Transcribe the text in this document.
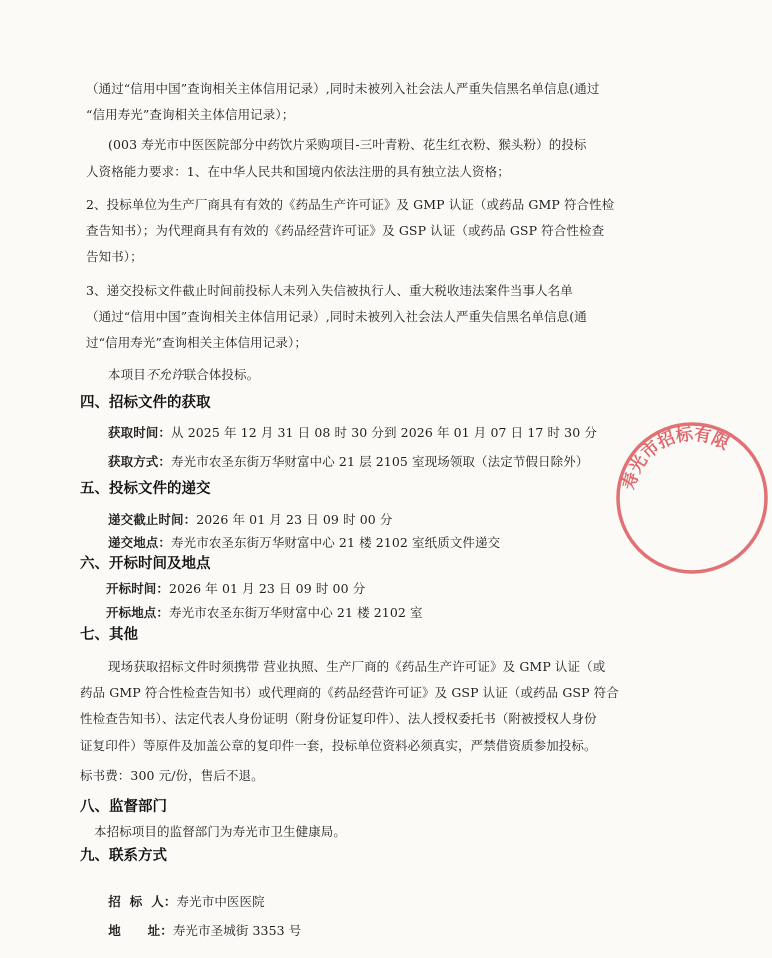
（通过“信用中国”查询相关主体信用记录）,同时未被列入社会法人严重失信黑名单信息(通过
“信用寿光”查询相关主体信用记录）；
(003 寿光市中医医院部分中药饮片采购项目-三叶青粉、花生红衣粉、猴头粉）的投标
人资格能力要求：1、在中华人民共和国境内依法注册的具有独立法人资格；
2、投标单位为生产厂商具有有效的《药品生产许可证》及 GMP 认证（或药品 GMP 符合性检
查告知书）；为代理商具有有效的《药品经营许可证》及 GSP 认证（或药品 GSP 符合性检查
告知书）；
3、递交投标文件截止时间前投标人未列入失信被执行人、重大税收违法案件当事人名单
（通过“信用中国”查询相关主体信用记录）,同时未被列入社会法人严重失信黑名单信息(通
过“信用寿光”查询相关主体信用记录）；
本项目不允许联合体投标。
四、招标文件的获取
获取时间：从 2025 年 12 月 31 日 08 时 30 分到 2026 年 01 月 07 日 17 时 30 分
获取方式：寿光市农圣东街万华财富中心 21 层 2105 室现场领取（法定节假日除外）
五、投标文件的递交
递交截止时间：2026 年 01 月 23 日 09 时 00 分
递交地点：寿光市农圣东街万华财富中心 21 楼 2102 室纸质文件递交
六、开标时间及地点
开标时间：2026 年 01 月 23 日 09 时 00 分
开标地点：寿光市农圣东街万华财富中心 21 楼 2102 室
七、其他
现场获取招标文件时须携带 营业执照、生产厂商的《药品生产许可证》及 GMP 认证（或
药品 GMP 符合性检查告知书）或代理商的《药品经营许可证》及 GSP 认证（或药品 GSP 符合
性检查告知书）、法定代表人身份证明（附身份证复印件）、法人授权委托书（附被授权人身份
证复印件）等原件及加盖公章的复印件一套，投标单位资料必须真实，严禁借资质参加投标。
标书费：300 元/份，售后不退。
八、监督部门
本招标项目的监督部门为寿光市卫生健康局。
九、联系方式

招  标  人：寿光市中医医院

地      址：寿光市圣城街 3353 号

寿光市招标有限
